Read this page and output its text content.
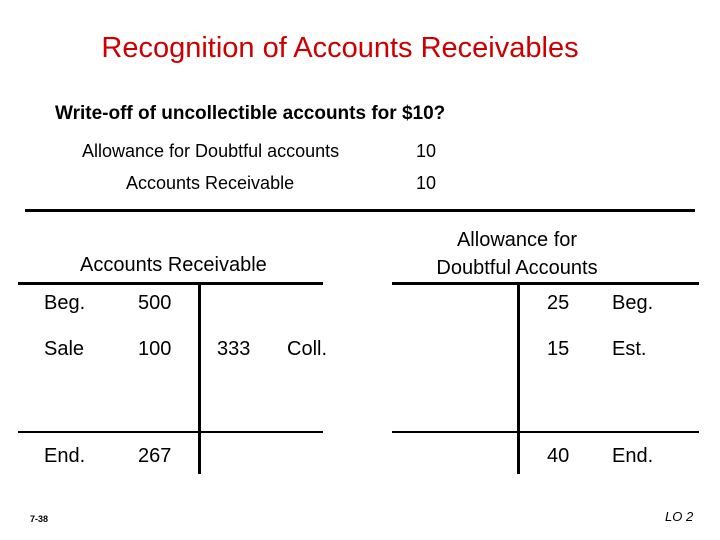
Recognition of Accounts Receivables
Write-off of uncollectible accounts for $10?
Allowance for Doubtful accounts	10
Accounts Receivable	10
Accounts Receivable
Beg.	500
Sale	100 333 Coll.
End.	267
Allowance for
Doubtful Accounts
25 Beg.
15 Est.
40 End.
7-38	LO 2
